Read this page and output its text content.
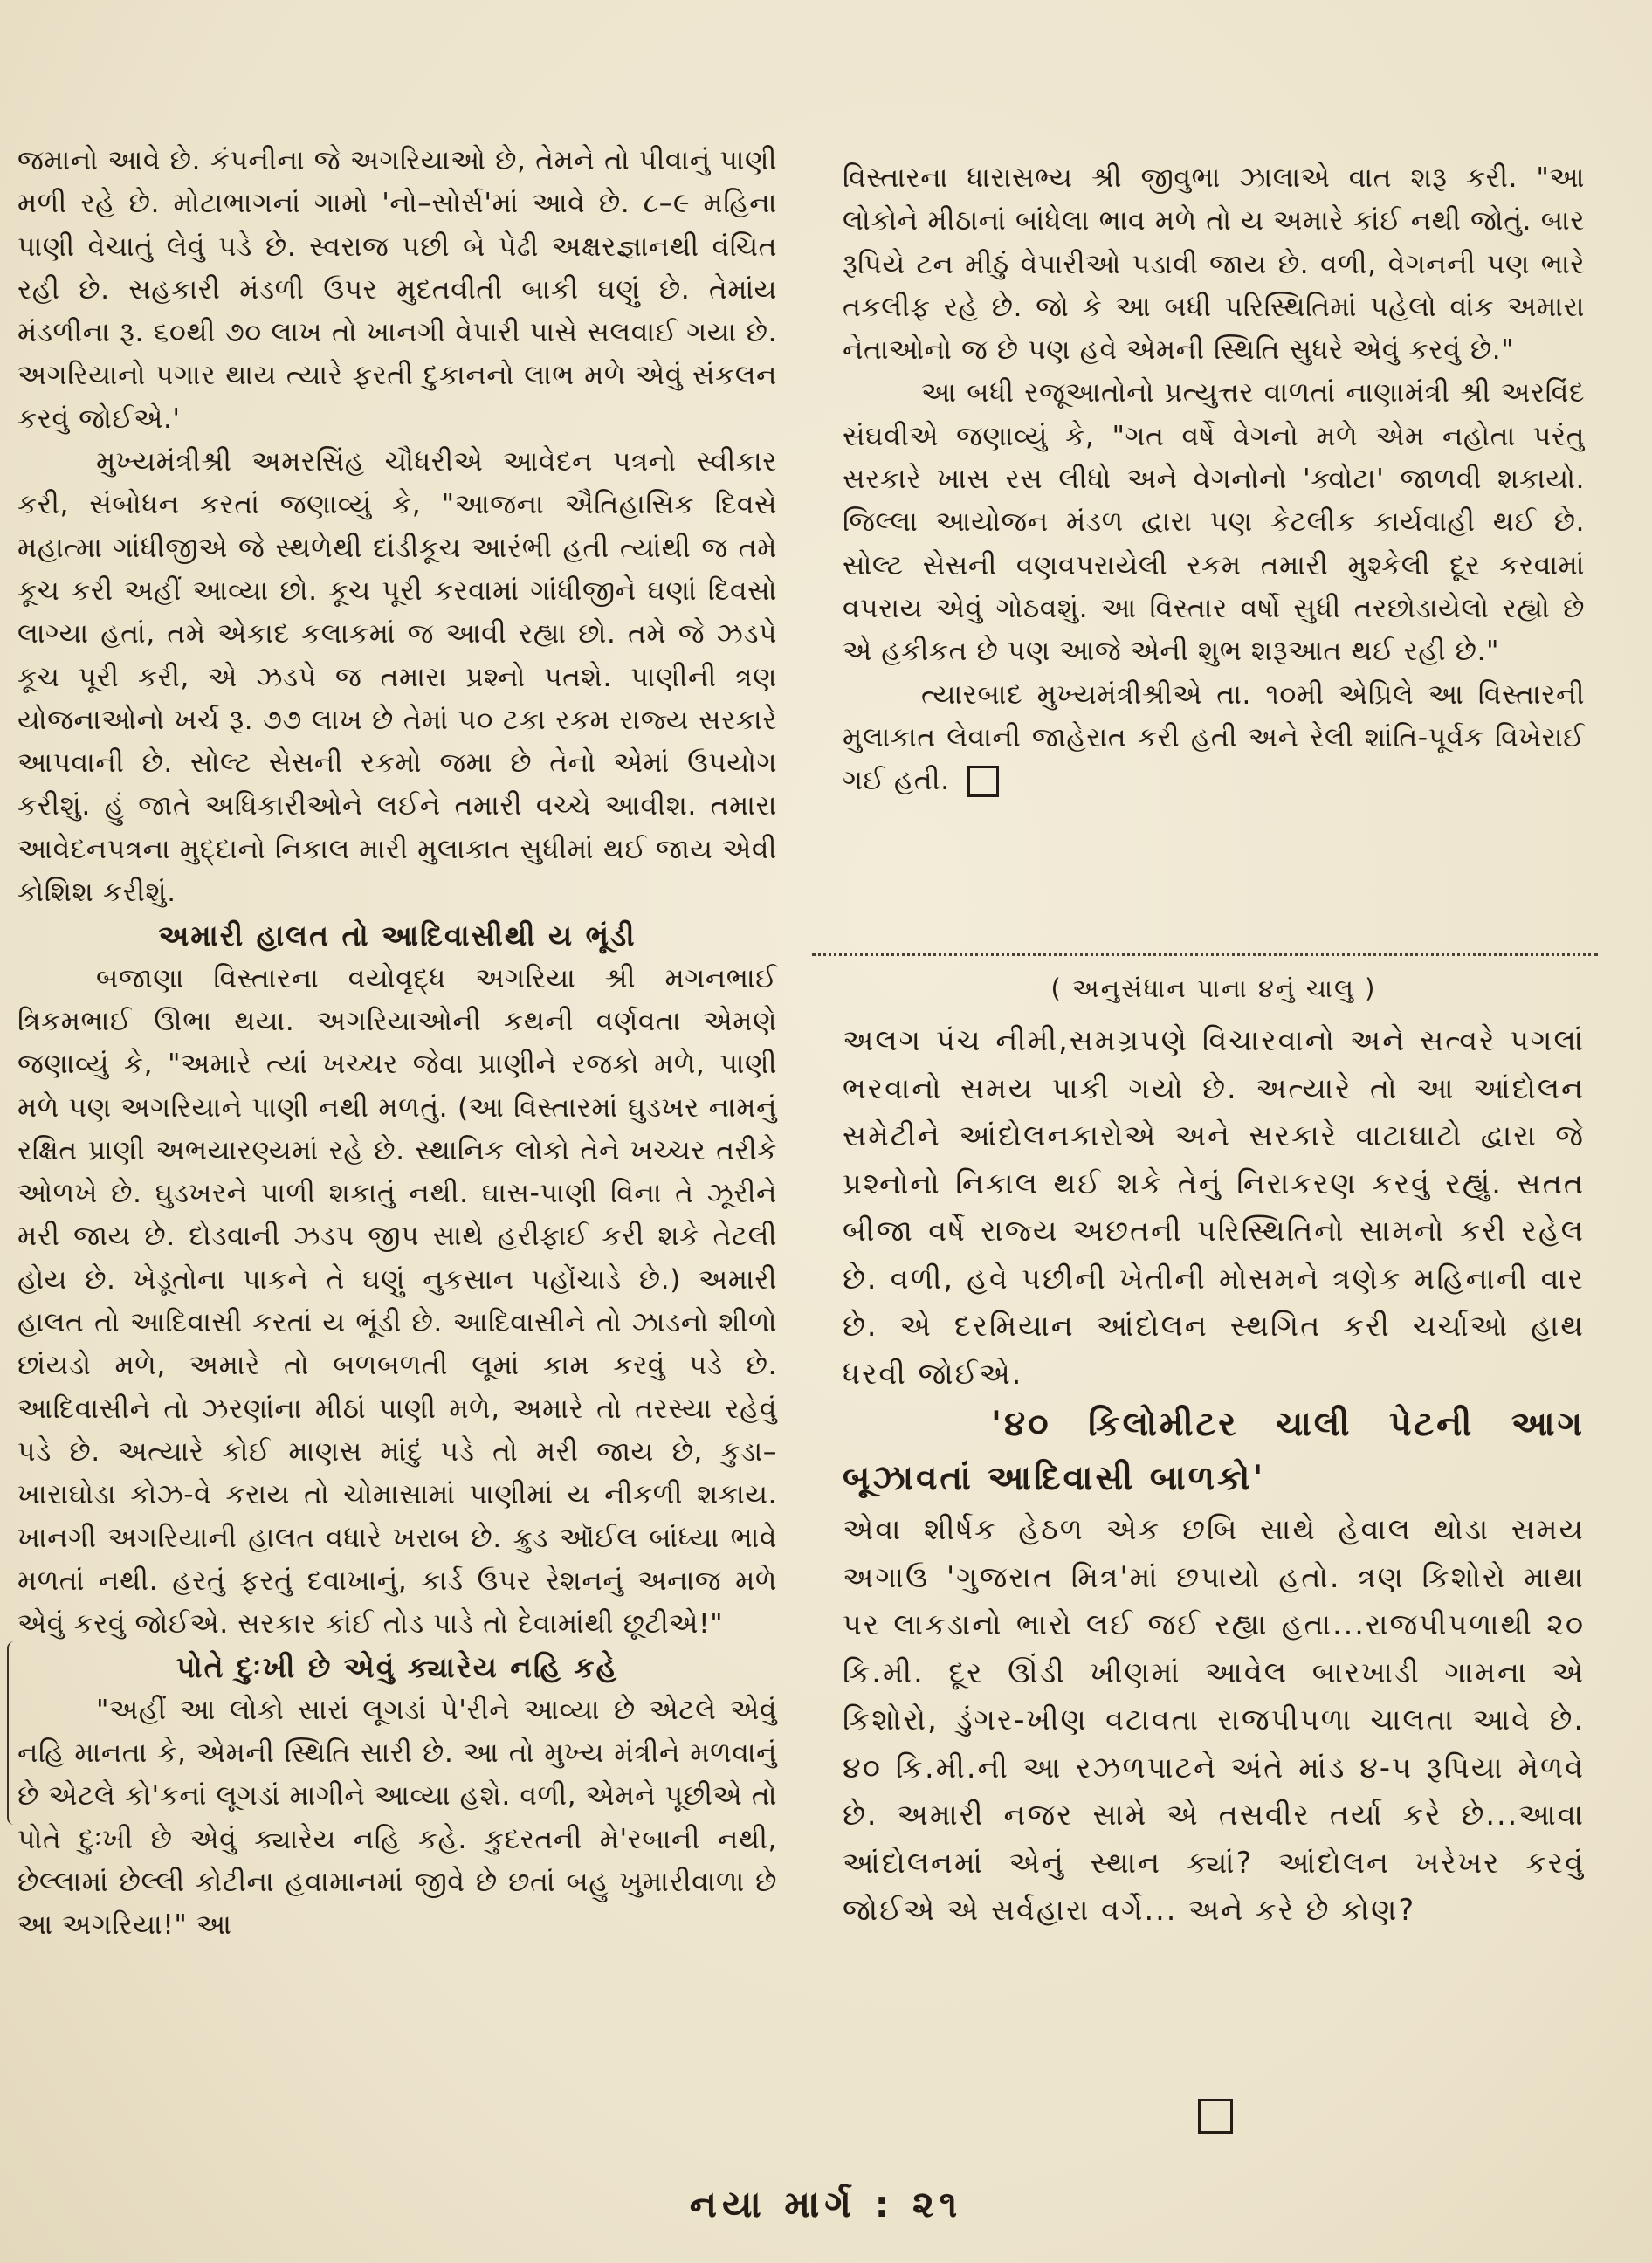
જમાનો આવે છે. કંપનીના જે અગરિયાઓ છે, તેમને તો પીવાનું પાણી મળી રહે છે. મોટાભાગનાં ગામો 'નો–સોર્સ'માં આવે છે. ૮–૯ મહિના પાણી વેચાતું લેવું પડે છે. સ્વરાજ પછી બે પેઢી અક્ષરજ્ઞાનથી વંચિત રહી છે. સહકારી મંડળી ઉપર મુદતવીતી બાકી ઘણું છે. તેમાંય મંડળીના રૂ. ૬૦થી ૭૦ લાખ તો ખાનગી વેપારી પાસે સલવાઈ ગયા છે. અગરિયાનો પગાર થાય ત્યારે ફરતી દુકાનનો લાભ મળે એવું સંકલન કરવું જોઈએ.'

મુખ્યમંત્રીશ્રી અમરસિંહ ચૌધરીએ આવેદન પત્રનો સ્વીકાર કરી, સંબોધન કરતાં જણાવ્યું કે, "આજના ઐતિહાસિક દિવસે મહાત્મા ગાંધીજીએ જે સ્થળેથી દાંડીકૂચ આરંભી હતી ત્યાંથી જ તમે કૂચ કરી અહીં આવ્યા છો. કૂચ પૂરી કરવામાં ગાંધીજીને ઘણાં દિવસો લાગ્યા હતાં, તમે એકાદ કલાકમાં જ આવી રહ્યા છો. તમે જે ઝડપે કૂચ પૂરી કરી, એ ઝડપે જ તમારા પ્રશ્નો પતશે. પાણીની ત્રણ યોજનાઓનો ખર્ચ રૂ. ૭૭ લાખ છે તેમાં ૫૦ ટકા રકમ રાજ્ય સરકારે આપવાની છે. સોલ્ટ સેસની રકમો જમા છે તેનો એમાં ઉપયોગ કરીશું. હું જાતે અધિકારીઓને લઈને તમારી વચ્ચે આવીશ. તમારા આવેદનપત્રના મુદ્દાનો નિકાલ મારી મુલાકાત સુધીમાં થઈ જાય એવી કોશિશ કરીશું.

અમારી હાલત તો આદિવાસીથી ય ભૂંડી

બજાણા વિસ્તારના વયોવૃદ્ધ અગરિયા શ્રી મગનભાઈ ત્રિકમભાઈ ઊભા થયા. અગરિયાઓની કથની વર્ણવતા એમણે જણાવ્યું કે, "અમારે ત્યાં ખચ્ચર જેવા પ્રાણીને રજકો મળે, પાણી મળે પણ અગરિયાને પાણી નથી મળતું. (આ વિસ્તારમાં ઘુડખર નામનું રક્ષિત પ્રાણી અભયારણ્યમાં રહે છે. સ્થાનિક લોકો તેને ખચ્ચર તરીકે ઓળખે છે. ઘુડખરને પાળી શકાતું નથી. ઘાસ-પાણી વિના તે ઝૂરીને મરી જાય છે. દોડવાની ઝડપ જીપ સાથે હરીફાઈ કરી શકે તેટલી હોય છે. ખેડૂતોના પાકને તે ઘણું નુકસાન પહોંચાડે છે.) અમારી હાલત તો આદિવાસી કરતાં ય ભૂંડી છે. આદિવાસીને તો ઝાડનો શીળો છાંયડો મળે, અમારે તો બળબળતી લૂમાં કામ કરવું પડે છે. આદિવાસીને તો ઝરણાંના મીઠાં પાણી મળે, અમારે તો તરસ્યા રહેવું પડે છે. અત્યારે કોઈ માણસ માંદું પડે તો મરી જાય છે, કુડા–ખારાઘોડા કોઝ-વે કરાય તો ચોમાસામાં પાણીમાં ય નીકળી શકાય. ખાનગી અગરિયાની હાલત વધારે ખરાબ છે. ક્રુડ ઑઈલ બાંધ્યા ભાવે મળતાં નથી. હરતું ફરતું દવાખાનું, કાર્ડ ઉપર રેશનનું અનાજ મળે એવું કરવું જોઈએ. સરકાર કાંઈ તોડ પાડે તો દેવામાંથી છૂટીએ!"

પોતે દુઃખી છે એવું ક્યારેય નહિ કહે

"અહીં આ લોકો સારાં લૂગડાં પે'રીને આવ્યા છે એટલે એવું નહિ માનતા કે, એમની સ્થિતિ સારી છે. આ તો મુખ્ય મંત્રીને મળવાનું છે એટલે કો'કનાં લૂગડાં માગીને આવ્યા હશે. વળી, એમને પૂછીએ તો પોતે દુઃખી છે એવું ક્યારેય નહિ કહે. કુદરતની મે'રબાની નથી, છેલ્લામાં છેલ્લી કોટીના હવામાનમાં જીવે છે છતાં બહુ ખુમારીવાળા છે આ અગરિયા!" આ

વિસ્તારના ધારાસભ્ય શ્રી જીવુભા ઝાલાએ વાત શરૂ કરી. "આ લોકોને મીઠાનાં બાંધેલા ભાવ મળે તો ય અમારે કાંઈ નથી જોતું. બાર રૂપિયે ટન મીઠું વેપારીઓ પડાવી જાય છે. વળી, વેગનની પણ ભારે તકલીફ રહે છે. જો કે આ બધી પરિસ્થિતિમાં પહેલો વાંક અમારા નેતાઓનો જ છે પણ હવે એમની સ્થિતિ સુધરે એવું કરવું છે."

આ બધી રજૂઆતોનો પ્રત્યુત્તર વાળતાં નાણામંત્રી શ્રી અરવિંદ સંઘવીએ જણાવ્યું કે, "ગત વર્ષે વેગનો મળે એમ નહોતા પરંતુ સરકારે ખાસ રસ લીધો અને વેગનોનો 'ક્વોટા' જાળવી શકાયો. જિલ્લા આયોજન મંડળ દ્વારા પણ કેટલીક કાર્યવાહી થઈ છે. સોલ્ટ સેસની વણવપરાયેલી રકમ તમારી મુશ્કેલી દૂર કરવામાં વપરાય એવું ગોઠવશું. આ વિસ્તાર વર્ષો સુધી તરછોડાયેલો રહ્યો છે એ હકીકત છે પણ આજે એની શુભ શરૂઆત થઈ રહી છે."

ત્યારબાદ મુખ્યમંત્રીશ્રીએ તા. ૧૦મી એપ્રિલે આ વિસ્તારની મુલાકાત લેવાની જાહેરાત કરી હતી અને રેલી શાંતિ-પૂર્વક વિખેરાઈ ગઈ હતી.

( અનુસંધાન પાના ૪નું ચાલુ )

અલગ પંચ નીમી,સમગ્રપણે વિચારવાનો અને સત્વરે પગલાં ભરવાનો સમય પાકી ગયો છે. અત્યારે તો આ આંદોલન સમેટીને આંદોલનકારોએ અને સરકારે વાટાઘાટો દ્વારા જે પ્રશ્નોનો નિકાલ થઈ શકે તેનું નિરાકરણ કરવું રહ્યું. સતત બીજા વર્ષે રાજ્ય અછતની પરિસ્થિતિનો સામનો કરી રહેલ છે. વળી, હવે પછીની ખેતીની મોસમને ત્રણેક મહિનાની વાર છે. એ દરમિયાન આંદોલન સ્થગિત કરી ચર્ચાઓ હાથ ધરવી જોઈએ.

'૪૦ કિલોમીટર ચાલી પેટની આગ બૂઝાવતાં આદિવાસી બાળકો'

એવા શીર્ષક હેઠળ એક છબિ સાથે હેવાલ થોડા સમય અગાઉ 'ગુજરાત મિત્ર'માં છપાયો હતો. ત્રણ કિશોરો માથા પર લાકડાનો ભારો લઈ જઈ રહ્યા હતા...રાજપીપળાથી ૨૦ કિ.મી. દૂર ઊંડી ખીણમાં આવેલ બારખાડી ગામના એ કિશોરો, ડુંગર-ખીણ વટાવતા રાજપીપળા ચાલતા આવે છે. ૪૦ કિ.મી.ની આ રઝળપાટને અંતે માંડ ૪-૫ રૂપિયા મેળવે છે. અમારી નજર સામે એ તસવીર તર્યા કરે છે...આવા આંદોલનમાં એનું સ્થાન ક્યાં? આંદોલન ખરેખર કરવું જોઈએ એ સર્વહારા વર્ગે... અને કરે છે કોણ?

નયા માર્ગ : ૨૧
